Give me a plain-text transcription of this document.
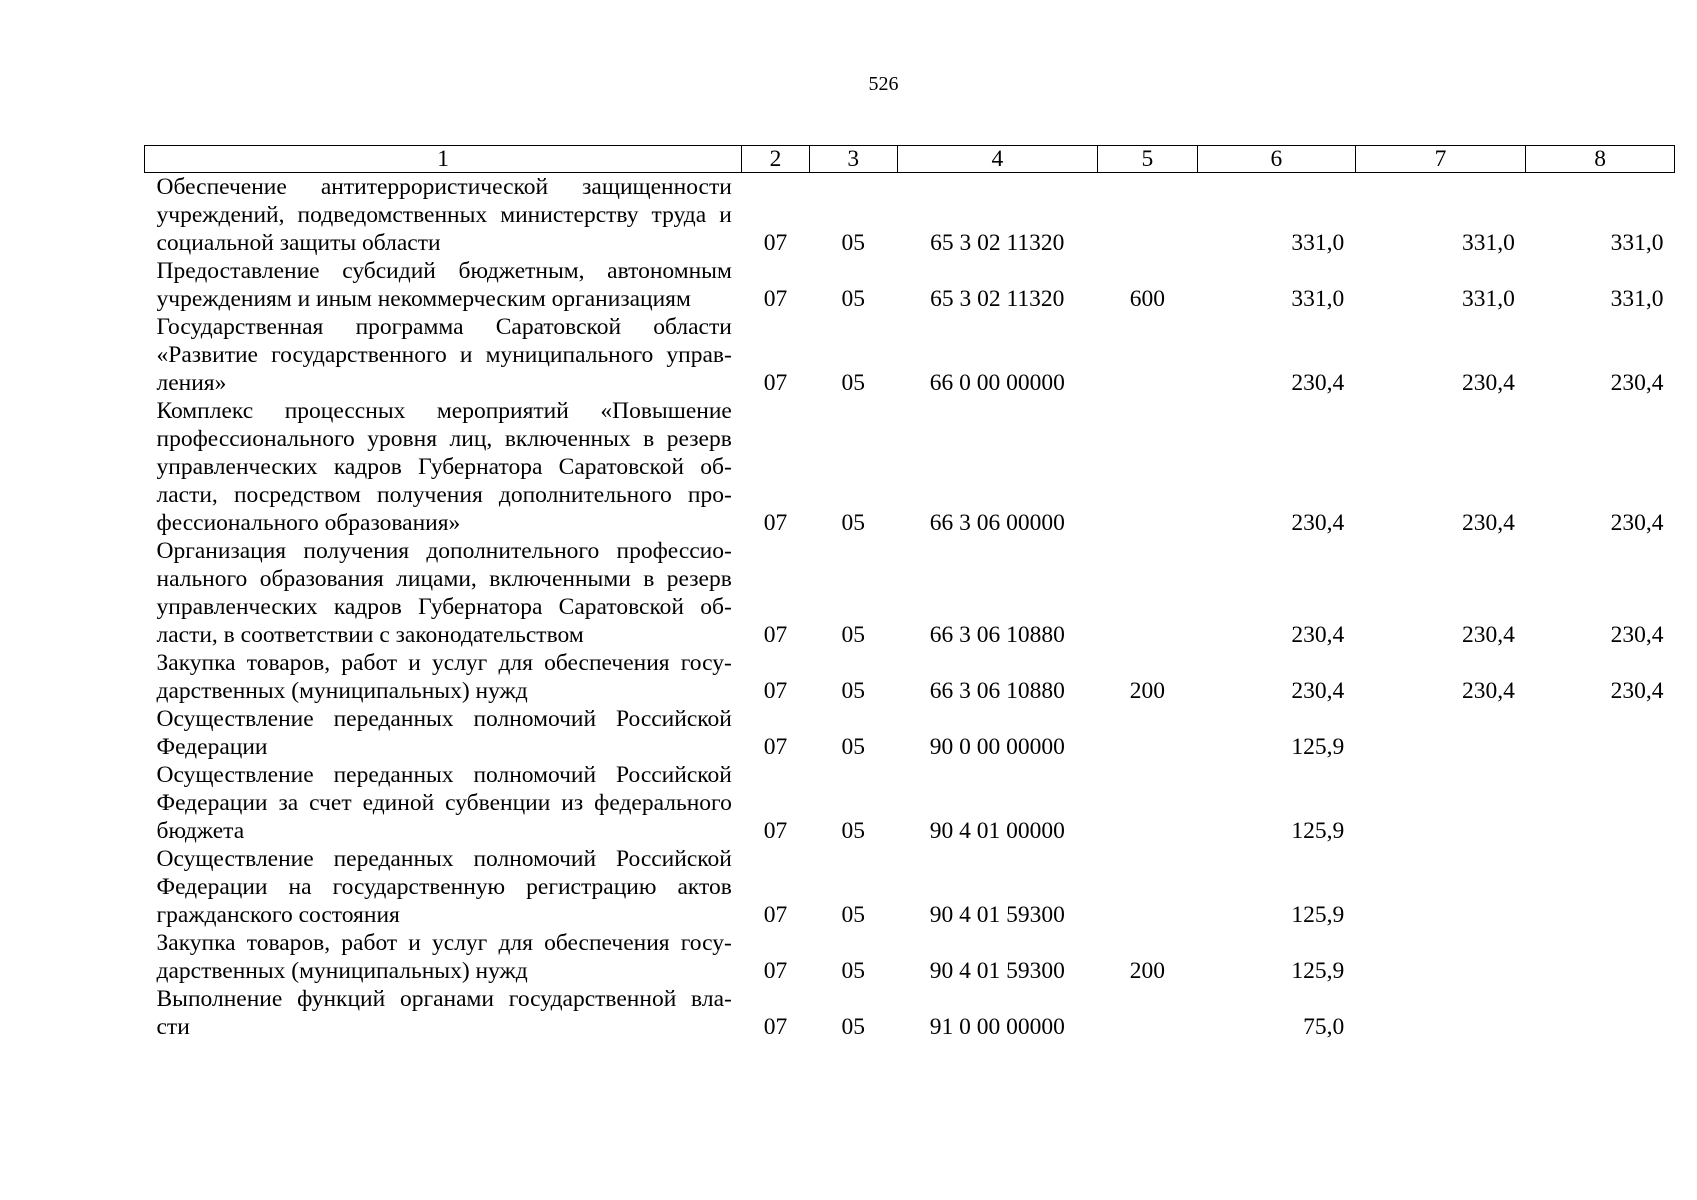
526
1	2	3	4	5	6	7	8

Обеспечение антитеррористической защищенности
учреждений, подведомственных министерству труда и
социальной защиты области	07	05	65 3 02 11320		331,0	331,0	331,0

Предоставление субсидий бюджетным, автономным
учреждениям и иным некоммерческим организациям	07	05	65 3 02 11320	600	331,0	331,0	331,0

Государственная программа Саратовской области
«Развитие государственного и муниципального управ-
ления»	07	05	66 0 00 00000		230,4	230,4	230,4

Комплекс процессных мероприятий «Повышение
профессионального уровня лиц, включенных в резерв
управленческих кадров Губернатора Саратовской об-
ласти, посредством получения дополнительного про-
фессионального образования»	07	05	66 3 06 00000		230,4	230,4	230,4

Организация получения дополнительного профессио-
нального образования лицами, включенными в резерв
управленческих кадров Губернатора Саратовской об-
ласти, в соответствии с законодательством	07	05	66 3 06 10880		230,4	230,4	230,4

Закупка товаров, работ и услуг для обеспечения госу-
дарственных (муниципальных) нужд	07	05	66 3 06 10880	200	230,4	230,4	230,4

Осуществление переданных полномочий Российской
Федерации	07	05	90 0 00 00000		125,9		

Осуществление переданных полномочий Российской
Федерации за счет единой субвенции из федерального
бюджета	07	05	90 4 01 00000		125,9		

Осуществление переданных полномочий Российской
Федерации на государственную регистрацию актов
гражданского состояния	07	05	90 4 01 59300		125,9		

Закупка товаров, работ и услуг для обеспечения госу-
дарственных (муниципальных) нужд	07	05	90 4 01 59300	200	125,9		

Выполнение функций органами государственной вла-
сти	07	05	91 0 00 00000		75,0		
